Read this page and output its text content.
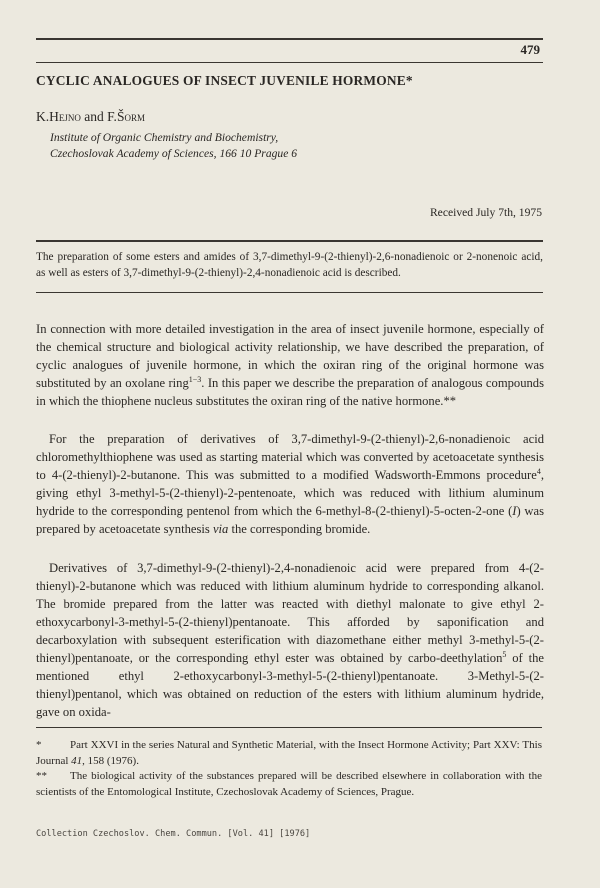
479
CYCLIC ANALOGUES OF INSECT JUVENILE HORMONE*
K.Hejno and F.Šorm
Institute of Organic Chemistry and Biochemistry,
Czechoslovak Academy of Sciences, 166 10 Prague 6
Received July 7th, 1975
The preparation of some esters and amides of 3,7-dimethyl-9-(2-thienyl)-2,6-nonadienoic or 2-nonenoic acid, as well as esters of 3,7-dimethyl-9-(2-thienyl)-2,4-nonadienoic acid is described.
In connection with more detailed investigation in the area of insect juvenile hormone, especially of the chemical structure and biological activity relationship, we have described the preparation, of cyclic analogues of juvenile hormone, in which the oxiran ring of the original hormone was substituted by an oxolane ring$^{1-3}$. In this paper we describe the preparation of analogous compounds in which the thiophene nucleus substitutes the oxiran ring of the native hormone.**
For the preparation of derivatives of 3,7-dimethyl-9-(2-thienyl)-2,6-nonadienoic acid chloromethylthiophene was used as starting material which was converted by acetoacetate synthesis to 4-(2-thienyl)-2-butanone. This was submitted to a modified Wadsworth-Emmons procedure$^4$, giving ethyl 3-methyl-5-(2-thienyl)-2-pentenoate, which was reduced with lithium aluminum hydride to the corresponding pentenol from which the 6-methyl-8-(2-thienyl)-5-octen-2-one (I) was prepared by acetoacetate synthesis via the corresponding bromide.
Derivatives of 3,7-dimethyl-9-(2-thienyl)-2,4-nonadienoic acid were prepared from 4-(2-thienyl)-2-butanone which was reduced with lithium aluminum hydride to corresponding alkanol. The bromide prepared from the latter was reacted with diethyl malonate to give ethyl 2-ethoxycarbonyl-3-methyl-5-(2-thienyl)pentanoate. This afforded by saponification and decarboxylation with subsequent esterification with diazomethane either methyl 3-methyl-5-(2-thienyl)pentanoate, or the corresponding ethyl ester was obtained by carbo-deethylation$^5$ of the mentioned ethyl 2-ethoxycarbonyl-3-methyl-5-(2-thienyl)pentanoate. 3-Methyl-5-(2-thienyl)pentanol, which was obtained on reduction of the esters with lithium aluminum hydride, gave on oxida-
*	Part XXVI in the series Natural and Synthetic Material, with the Insect Hormone Activity; Part XXV: This Journal 41, 158 (1976).
** The biological activity of the substances prepared will be described elsewhere in collaboration with the scientists of the Entomological Institute, Czechoslovak Academy of Sciences, Prague.
Collection Czechoslov. Chem. Commun. [Vol. 41] [1976]
